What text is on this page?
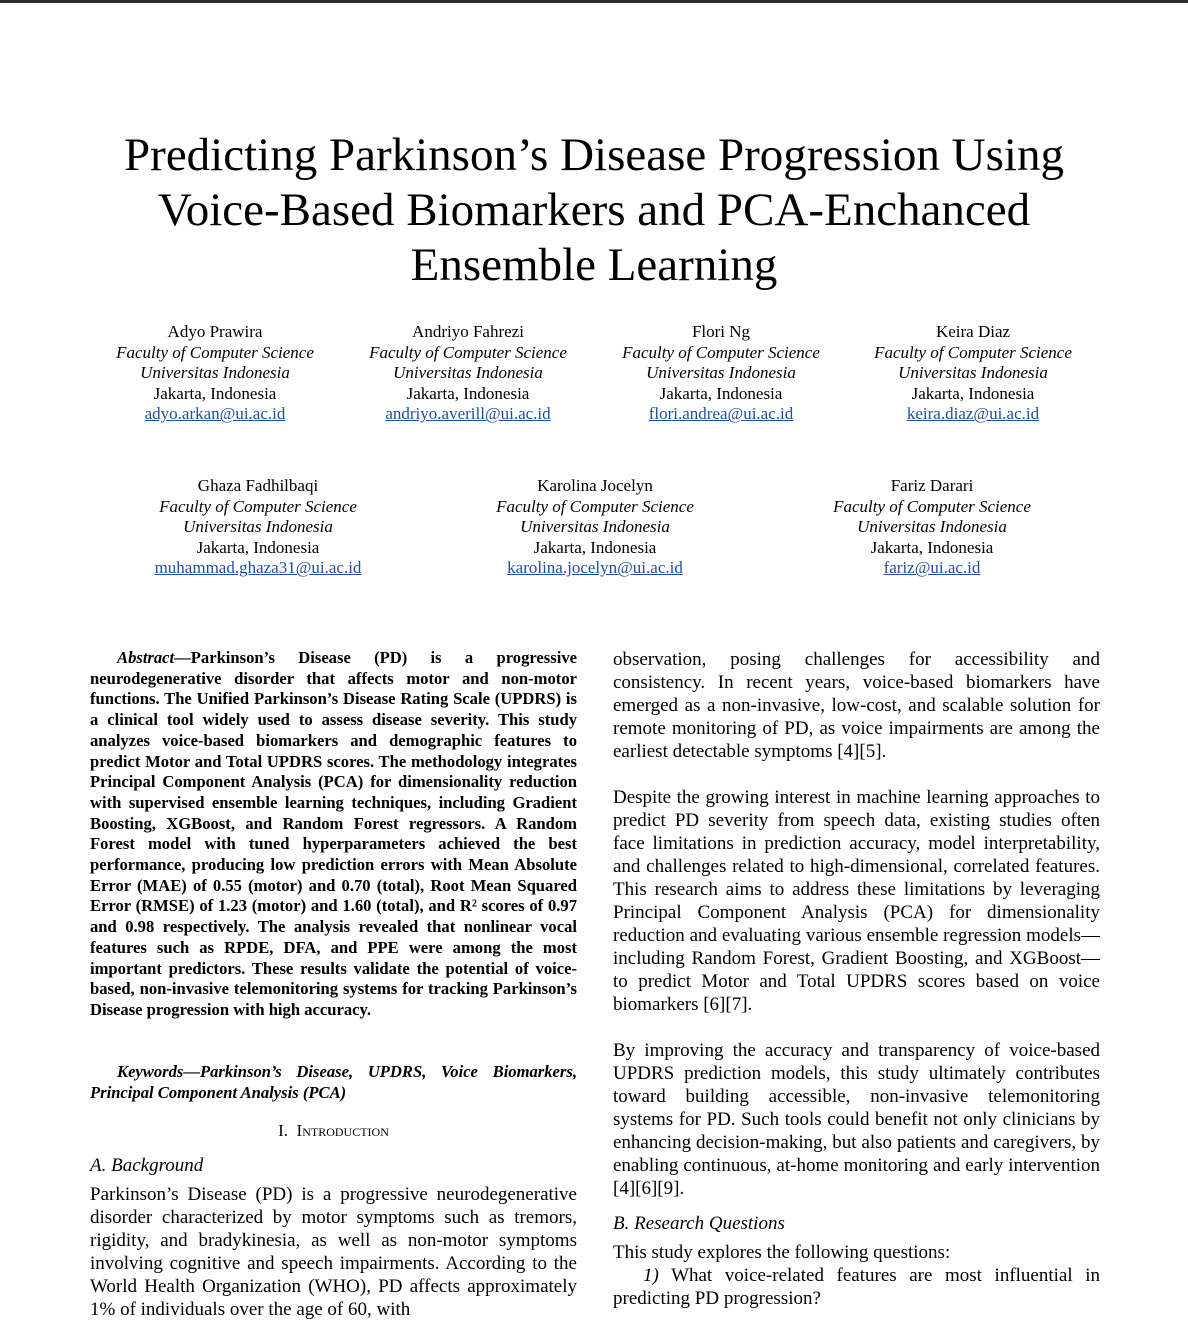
Predicting Parkinson’s Disease Progression Using
Voice-Based Biomarkers and PCA-Enchanced
Ensemble Learning
Adyo Prawira
Faculty of Computer Science
Universitas Indonesia
Jakarta, Indonesia
adyo.arkan@ui.ac.id
Andriyo Fahrezi
Faculty of Computer Science
Universitas Indonesia
Jakarta, Indonesia
andriyo.averill@ui.ac.id
Flori Ng
Faculty of Computer Science
Universitas Indonesia
Jakarta, Indonesia
flori.andrea@ui.ac.id
Keira Diaz
Faculty of Computer Science
Universitas Indonesia
Jakarta, Indonesia
keira.diaz@ui.ac.id
Ghaza Fadhilbaqi
Faculty of Computer Science
Universitas Indonesia
Jakarta, Indonesia
muhammad.ghaza31@ui.ac.id
Karolina Jocelyn
Faculty of Computer Science
Universitas Indonesia
Jakarta, Indonesia
karolina.jocelyn@ui.ac.id
Fariz Darari
Faculty of Computer Science
Universitas Indonesia
Jakarta, Indonesia
fariz@ui.ac.id

Abstract—Parkinson’s Disease (PD) is a progressive neurodegenerative disorder that affects motor and non-motor functions. The Unified Parkinson’s Disease Rating Scale (UPDRS) is a clinical tool widely used to assess disease severity. This study analyzes voice-based biomarkers and demographic features to predict Motor and Total UPDRS scores. The methodology integrates Principal Component Analysis (PCA) for dimensionality reduction with supervised ensemble learning techniques, including Gradient Boosting, XGBoost, and Random Forest regressors. A Random Forest model with tuned hyperparameters achieved the best performance, producing low prediction errors with Mean Absolute Error (MAE) of 0.55 (motor) and 0.70 (total), Root Mean Squared Error (RMSE) of 1.23 (motor) and 1.60 (total), and R² scores of 0.97 and 0.98 respectively. The analysis revealed that nonlinear vocal features such as RPDE, DFA, and PPE were among the most important predictors. These results validate the potential of voice-based, non-invasive telemonitoring systems for tracking Parkinson’s Disease progression with high accuracy.

Keywords—Parkinson’s Disease, UPDRS, Voice Biomarkers, Principal Component Analysis (PCA)

I. Introduction
A. Background

Parkinson’s Disease (PD) is a progressive neurodegenerative disorder characterized by motor symptoms such as tremors, rigidity, and bradykinesia, as well as non-motor symptoms involving cognitive and speech impairments. According to the World Health Organization (WHO), PD affects approximately 1% of individuals over the age of 60, with

observation, posing challenges for accessibility and consistency. In recent years, voice-based biomarkers have emerged as a non-invasive, low-cost, and scalable solution for remote monitoring of PD, as voice impairments are among the earliest detectable symptoms [4][5].

Despite the growing interest in machine learning approaches to predict PD severity from speech data, existing studies often face limitations in prediction accuracy, model interpretability, and challenges related to high-dimensional, correlated features. This research aims to address these limitations by leveraging Principal Component Analysis (PCA) for dimensionality reduction and evaluating various ensemble regression models—including Random Forest, Gradient Boosting, and XGBoost—to predict Motor and Total UPDRS scores based on voice biomarkers [6][7].

By improving the accuracy and transparency of voice-based UPDRS prediction models, this study ultimately contributes toward building accessible, non-invasive telemonitoring systems for PD. Such tools could benefit not only clinicians by enhancing decision-making, but also patients and caregivers, by enabling continuous, at-home monitoring and early intervention [4][6][9].

B. Research Questions

This study explores the following questions:

1) What voice-related features are most influential in predicting PD progression?
